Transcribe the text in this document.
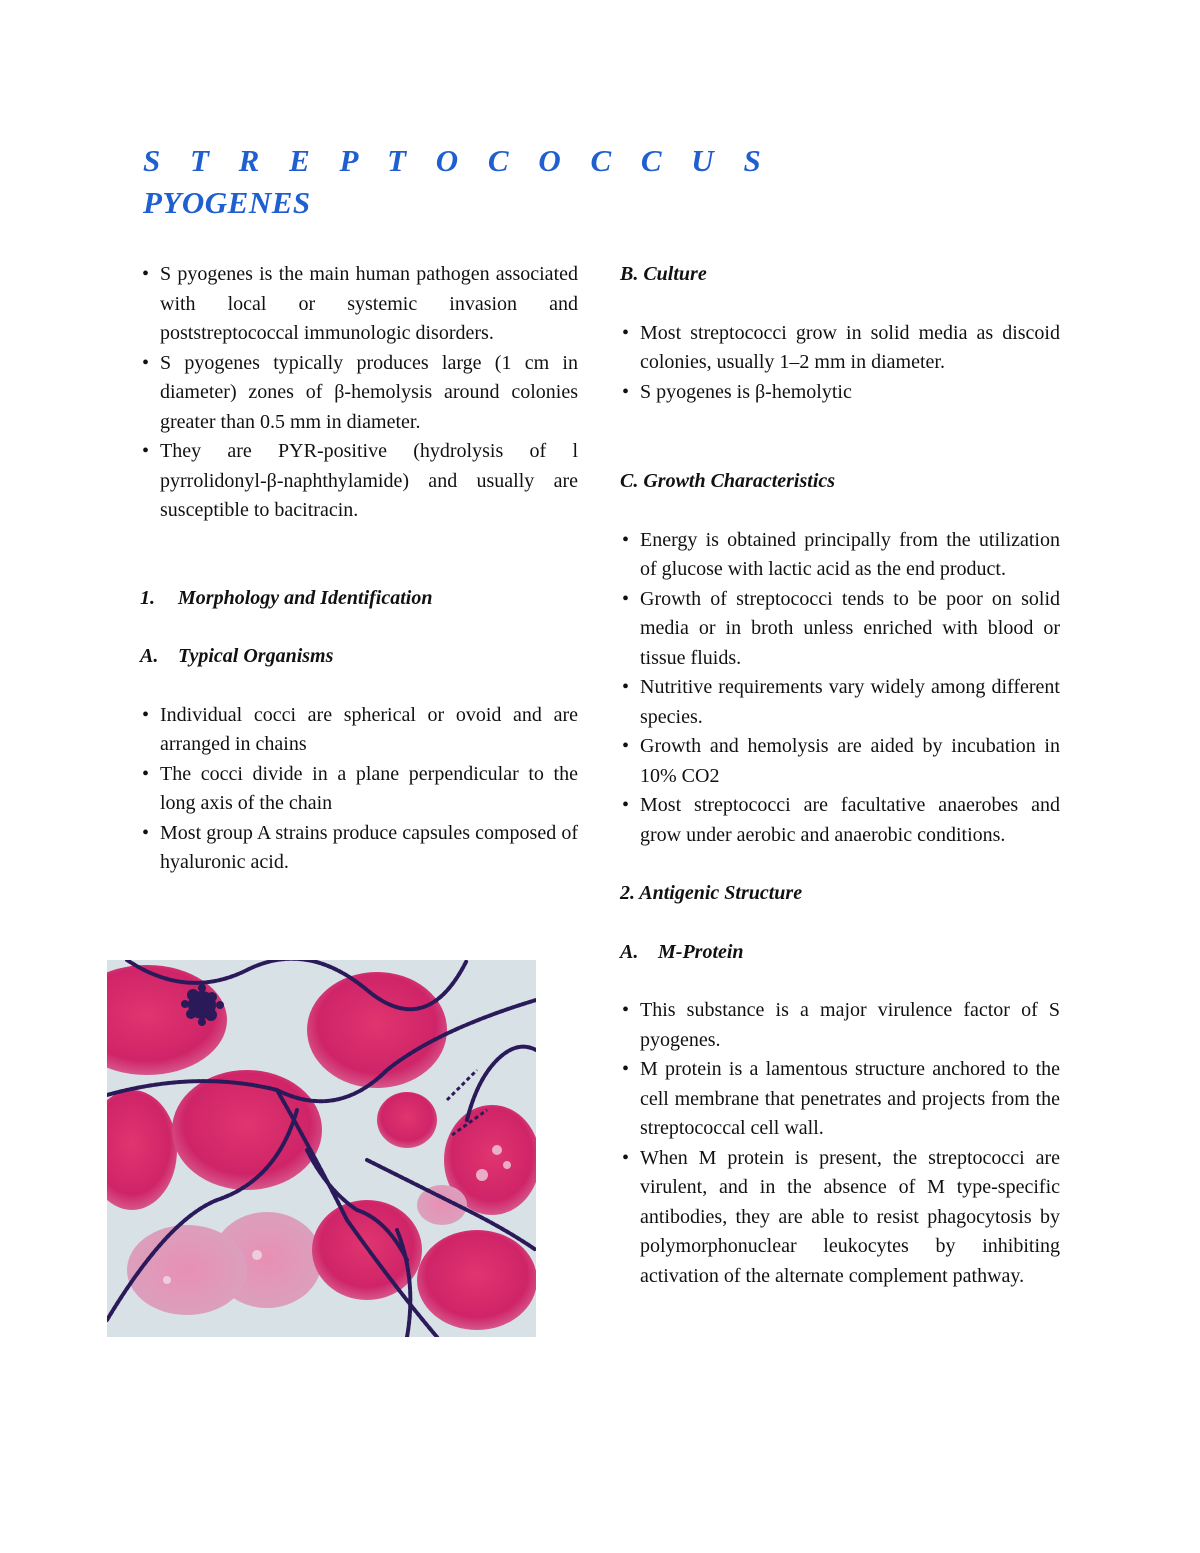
S T R E P T O C O C C U S
PYOGENES
• S pyogenes is the main human pathogen associated with local or systemic invasion and poststreptococcal immunologic disorders.
• S pyogenes typically produces large (1 cm in diameter) zones of β-hemolysis around colonies greater than 0.5 mm in diameter.
• They are PYR-positive (hydrolysis of l pyrrolidonyl-β-naphthylamide) and usually are susceptible to bacitracin.

1. Morphology and Identification

A. Typical Organisms

• Individual cocci are spherical or ovoid and are arranged in chains
• The cocci divide in a plane perpendicular to the long axis of the chain
• Most group A strains produce capsules composed of hyaluronic acid.

B. Culture

• Most streptococci grow in solid media as discoid colonies, usually 1–2 mm in diameter.
• S pyogenes is β-hemolytic

C. Growth Characteristics

• Energy is obtained principally from the utilization of glucose with lactic acid as the end product.
• Growth of streptococci tends to be poor on solid media or in broth unless enriched with blood or tissue fluids.
• Nutritive requirements vary widely among different species.
• Growth and hemolysis are aided by incubation in 10% CO2
• Most streptococci are facultative anaerobes and grow under aerobic and anaerobic conditions.

2. Antigenic Structure

A. M-Protein

• This substance is a major virulence factor of S pyogenes.
• M protein is a lamentous structure anchored to the cell membrane that penetrates and projects from the streptococcal cell wall.
• When M protein is present, the streptococci are virulent, and in the absence of M type-specific antibodies, they are able to resist phagocytosis by polymorphonuclear leukocytes by inhibiting activation of the alternate complement pathway.
